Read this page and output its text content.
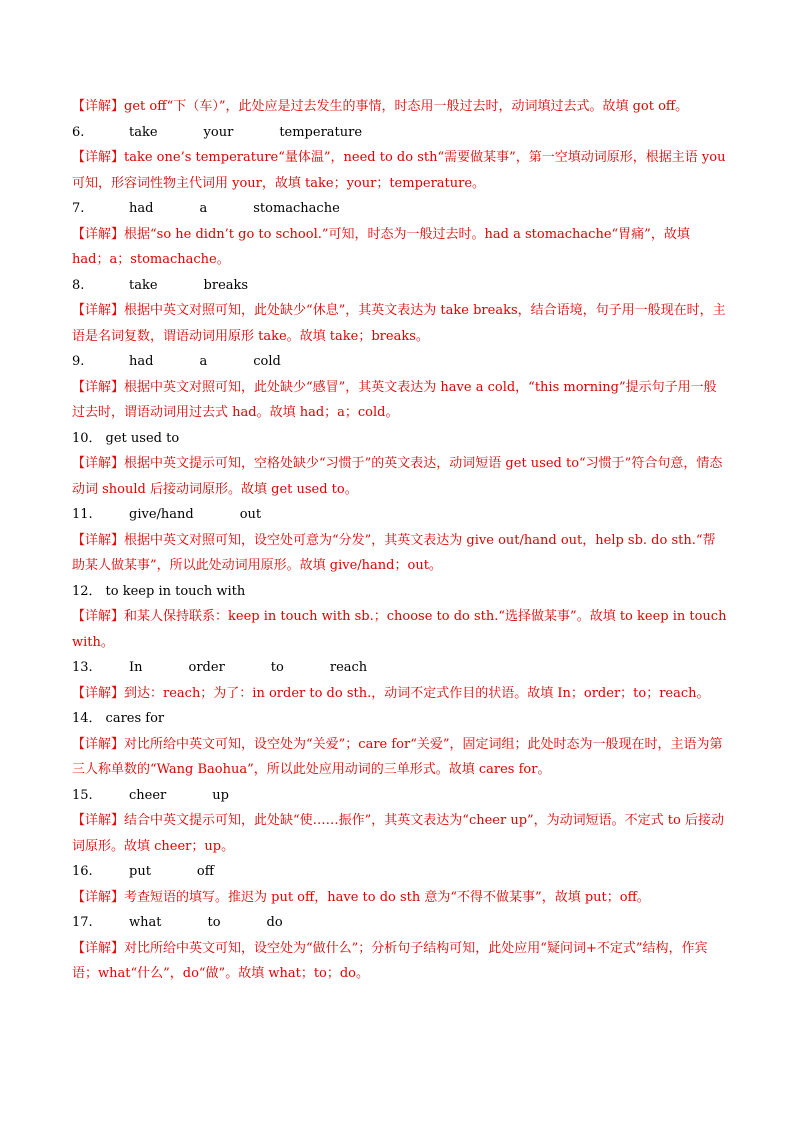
【详解】get off“下（车）”，此处应是过去发生的事情，时态用一般过去时，动词填过去式。故填 got off。

6.	take	your	temperature

【详解】take one’s temperature“量体温”，need to do sth“需要做某事”，第一空填动词原形，根据主语 you 可知，形容词性物主代词用 your，故填 take；your；temperature。

7.	had	a	stomachache

【详解】根据“so he didn’t go to school.”可知，时态为一般过去时。had a stomachache“胃痛”，故填 had；a；stomachache。

8.	take	breaks

【详解】根据中英文对照可知，此处缺少“休息”，其英文表达为 take breaks，结合语境，句子用一般现在时，主语是名词复数，谓语动词用原形 take。故填 take；breaks。

9.	had	a	cold

【详解】根据中英文对照可知，此处缺少“感冒”，其英文表达为 have a cold，“this morning”提示句子用一般过去时，谓语动词用过去式 had。故填 had；a；cold。

10． get used to

【详解】根据中英文提示可知，空格处缺少“习惯于”的英文表达，动词短语 get used to“习惯于”符合句意，情态动词 should 后接动词原形。故填 get used to。

11.	give/hand	out

【详解】根据中英文对照可知，设空处可意为“分发”，其英文表达为 give out/hand out，help sb. do sth.“帮助某人做某事”，所以此处动词用原形。故填 give/hand；out。

12． to keep in touch with

【详解】和某人保持联系：keep in touch with sb.；choose to do sth.“选择做某事”。故填 to keep in touch with。

13.	In	order	to	reach

【详解】到达：reach；为了：in order to do sth.，动词不定式作目的状语。故填 In；order；to；reach。

14． cares for

【详解】对比所给中英文可知，设空处为“关爱”；care for“关爱”，固定词组；此处时态为一般现在时，主语为第三人称单数的“Wang Baohua”，所以此处应用动词的三单形式。故填 cares for。

15.	cheer	up

【详解】结合中英文提示可知，此处缺“使……振作”，其英文表达为“cheer up”，为动词短语。不定式 to 后接动词原形。故填 cheer；up。

16.	put	off

【详解】考查短语的填写。推迟为 put off，have to do sth 意为“不得不做某事”，故填 put；off。

17.	what	to	do

【详解】对比所给中英文可知，设空处为“做什么”；分析句子结构可知，此处应用“疑问词+不定式”结构，作宾语；what“什么”，do“做”。故填 what；to；do。
